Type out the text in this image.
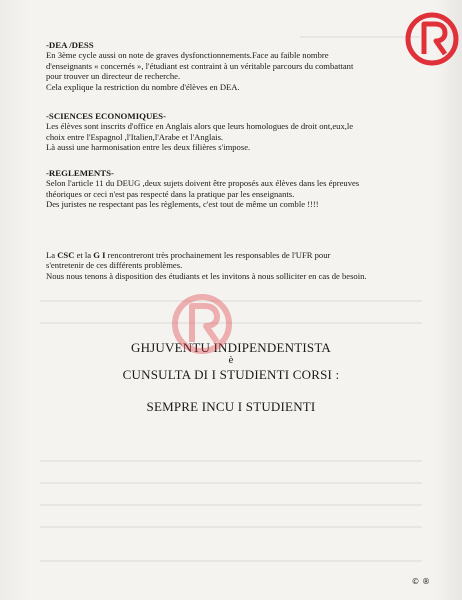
-DEA /DESS
En 3ème cycle aussi on note de graves dysfonctionnements.Face au faible nombre
d'enseignants « concernés », l'étudiant est contraint à un véritable parcours du combattant
pour trouver un directeur de recherche.
Cela explique la restriction du nombre d'élèves en DEA.
-SCIENCES ECONOMIQUES-
Les élèves sont inscrits d'office en Anglais alors que leurs homologues de droit ont,eux,le
choix entre l'Espagnol ,l'Italien,l'Arabe et l'Anglais.
Là aussi une harmonisation entre les deux filières s'impose.
-REGLEMENTS-
Selon l'article 11 du DEUG ,deux sujets doivent être proposés aux élèves dans les épreuves
théoriques or ceci n'est pas respecté dans la pratique par les enseignants.
Des juristes ne respectant pas les règlements, c'est tout de même un comble !!!!
La CSC et la G I rencontreront très prochainement les responsables de l'UFR pour
s'entretenir de ces différents problèmes.
Nous nous tenons à disposition des étudiants et les invitons à nous solliciter en cas de besoin.
GHJUVENTU INDIPENDENTISTA
è
CUNSULTA DI I STUDIENTI CORSI :
SEMPRE INCU I STUDIENTI
© ®
